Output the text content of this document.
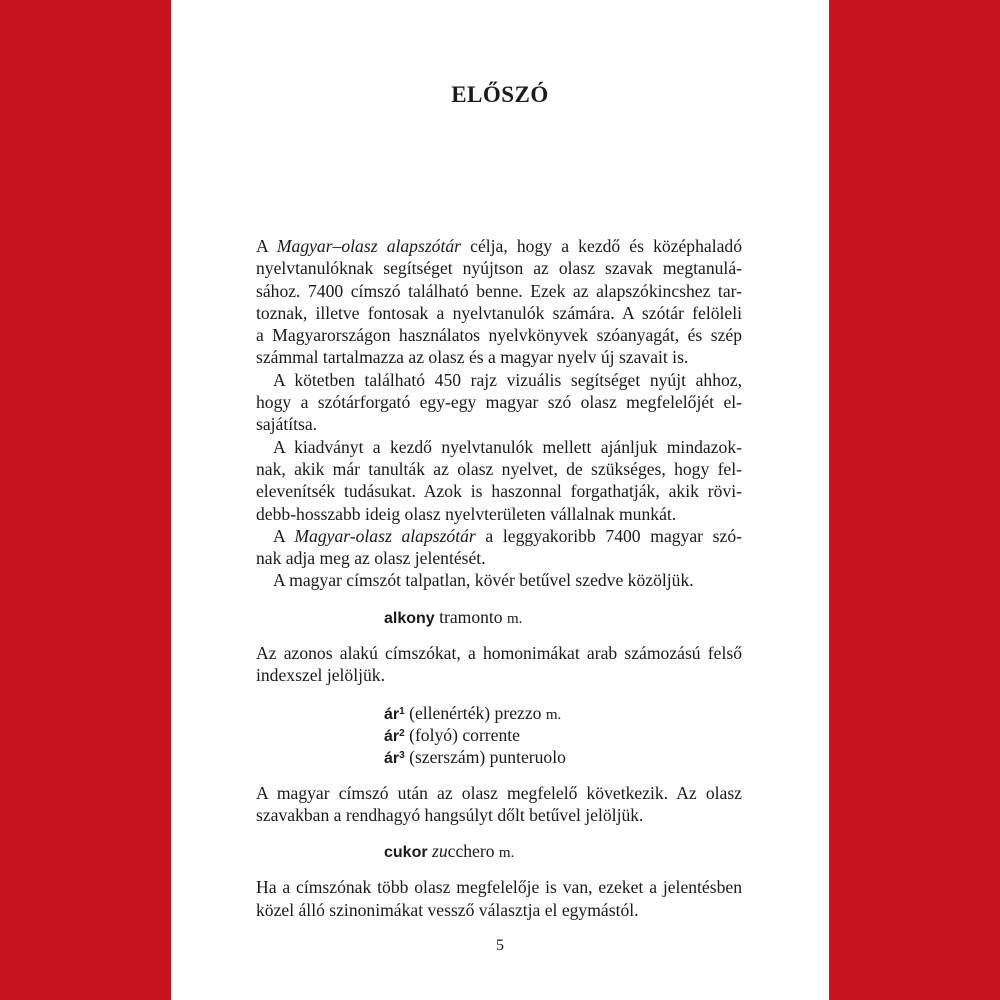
ELŐSZÓ
A Magyar–olasz alapszótár célja, hogy a kezdő és középhaladó
nyelvtanulóknak segítséget nyújtson az olasz szavak megtanulá-
sához. 7400 címszó található benne. Ezek az alapszókincshez tar-
toznak, illetve fontosak a nyelvtanulók számára. A szótár felöleli
a Magyarországon használatos nyelvkönyvek szóanyagát, és szép
számmal tartalmazza az olasz és a magyar nyelv új szavait is.
A kötetben található 450 rajz vizuális segítséget nyújt ahhoz,
hogy a szótárforgató egy-egy magyar szó olasz megfelelőjét el-
sajátítsa.
A kiadványt a kezdő nyelvtanulók mellett ajánljuk mindazok-
nak, akik már tanulták az olasz nyelvet, de szükséges, hogy fel-
elevenítsék tudásukat. Azok is haszonnal forgathatják, akik rövi-
debb-hosszabb ideig olasz nyelvterületen vállalnak munkát.
A Magyar-olasz alapszótár a leggyakoribb 7400 magyar szó-
nak adja meg az olasz jelentését.
A magyar címszót talpatlan, kövér betűvel szedve közöljük.
alkony tramonto m.
Az azonos alakú címszókat, a homonimákat arab számozású felső
indexszel jelöljük.
$ár^1$ (ellenérték) prezzo m.
$ár^2$ (folyó) corrente
$ár^3$ (szerszám) punteruolo
A magyar címszó után az olasz megfelelő következik. Az olasz
szavakban a rendhagyó hangsúlyt dőlt betűvel jelöljük.
cukor zucchero m.
Ha a címszónak több olasz megfelelője is van, ezeket a jelentésben
közel álló szinonimákat vessző választja el egymástól.
5
